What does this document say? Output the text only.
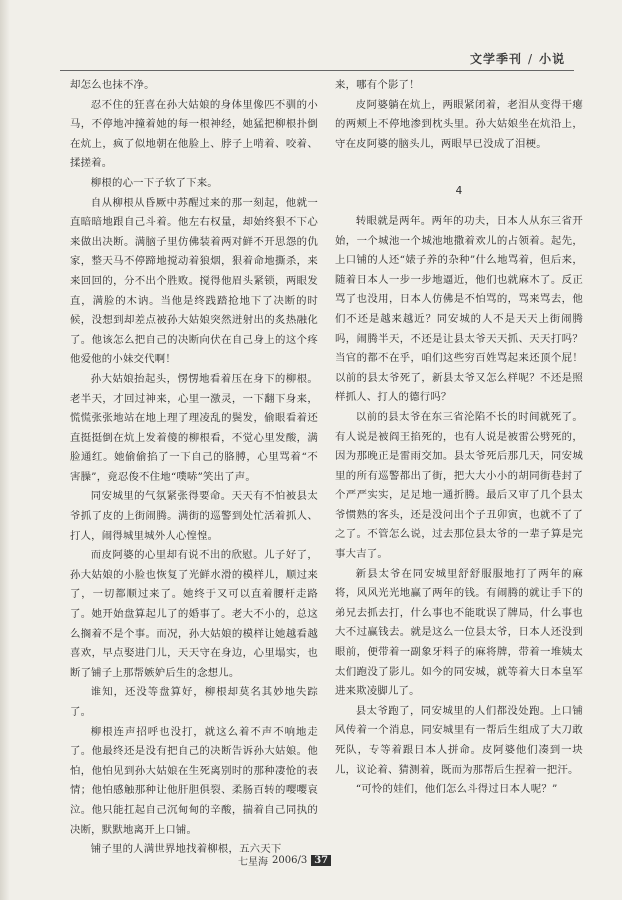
文学季刊 / 小说

却怎么也抹不净。

忍不住的狂喜在孙大姑娘的身体里像匹不驯的小马，不停地冲撞着她的每一根神经，她猛把柳根扑倒在炕上，疯了似地朝在他脸上、脖子上啃着、咬着、揉搓着。

柳根的心一下子软了下来。

自从柳根从昏厥中苏醒过来的那一刻起，他就一直暗暗地跟自己斗着。他左右权量，却始终狠不下心来做出决断。满脑子里仿佛装着两对鲜不开思怨的仇家，整天马不停蹄地搅动着狼烟，狠着命地撕杀，来来回回的，分不出个胜败。搅得他眉头紧锁，两眼发直，满脸的木讷。当他是终践踏抢地下了决断的时候，没想到却差点被孙大姑娘突然迸射出的炙热融化了。他该怎么把自己的决断向伏在自己身上的这个疼他爱他的小妹交代啊！

孙大姑娘抬起头，愣愣地看着压在身下的柳根。老半天，才回过神来，心里一激灵，一下翻下身来，慌慌张张地站在地上理了理凌乱的鬓发，偷眼看着还直挺挺倒在炕上发着傻的柳根看，不觉心里发酸，满脸通红。她偷偷掐了一下自己的胳膊，心里骂着“不害臊”，竟忍俊不住地“噗哧”笑出了声。

同安城里的气氛紧张得要命。天天有不怕被县太爷抓了皮的上街闹腾。满街的巡警到处忙活着抓人、打人，闹得城里城外人心惶惶。

而皮阿婆的心里却有说不出的欣慰。儿子好了，孙大姑娘的小脸也恢复了光鲜水滑的模样儿，顺过来了，一切都顺过来了。她终于又可以直着腰杆走路了。她开始盘算起儿了的婚事了。老大不小的，总这么搁着不是个事。而况，孙大姑娘的模样让她越看越喜欢，早点娶进门儿，天天守在身边，心里塌实，也断了铺子上那帮嫉妒后生的念想儿。

谁知，还没等盘算好，柳根却莫名其妙地失踪了。

柳根连声招呼也没打，就这么着不声不响地走了。他最终还是没有把自己的决断告诉孙大姑娘。他怕，他怕见到孙大姑娘在生死离别时的那种凄怆的表情；他怕感触那种让他肝胆俱裂、柔肠百转的嘤嘤哀泣。他只能扛起自己沉甸甸的辛酸，揣着自己同执的决断，默默地离开上口铺。

铺子里的人满世界地找着柳根，五六天下

来，哪有个影了！

皮阿婆躺在炕上，两眼紧闭着，老泪从变得干瘪的两颊上不停地渗到枕头里。孙大姑娘坐在炕沿上，守在皮阿婆的脑头儿，两眼早已没成了泪梗。

4

转眼就是两年。两年的功夫，日本人从东三省开始，一个城池一个城池地撒着欢儿的占领着。起先，上口铺的人还“婊子养的杂种”什么地骂着，但后来，随着日本人一步一步地逼近，他们也就麻木了。反正骂了也没用，日本人仿佛是不怕骂的，骂来骂去，他们不还是越来越近？同安城的人不是天天上街闹腾吗，闹腾半天，不还是让县太爷天天抓、天天打吗？当官的都不在乎，咱们这些穷百姓骂起来还顶个屁！以前的县太爷死了，新县太爷又怎么样呢？不还是照样抓人、打人的德行吗？

以前的县太爷在东三省沦陷不长的时间就死了。有人说是被阎王掐死的，也有人说是被雷公劈死的，因为那晚正是雷雨交加。县太爷死后那几天，同安城里的所有巡警都出了街，把大大小小的胡同街巷封了个严严实实，足足地一通折腾。最后又审了几个县太爷惯熟的客头，还是没问出个子丑卯寅，也就不了了之了。不管怎么说，过去那位县太爷的一辈子算是完事大吉了。

新县太爷在同安城里舒舒服服地打了两年的麻将，风风光光地赢了两年的钱。有闹腾的就让手下的弟兄去抓去打，什么事也不能耽误了牌局，什么事也大不过赢钱去。就是这么一位县太爷，日本人还没到眼前，便带着一副象牙料子的麻将牌，带着一堆姨太太们跑没了影儿。如今的同安城，就等着大日本皇军进来欺凌脚儿了。

县太爷跑了，同安城里的人们都没处跑。上口铺风传着一个消息，同安城里有一帮后生组成了大刀敢死队，专等着跟日本人拼命。皮阿婆他们凑到一块儿，议论着、猜测着，既而为那帮后生捏着一把汗。

“可怜的娃们，他们怎么斗得过日本人呢？”

七星海 2006/3 37
